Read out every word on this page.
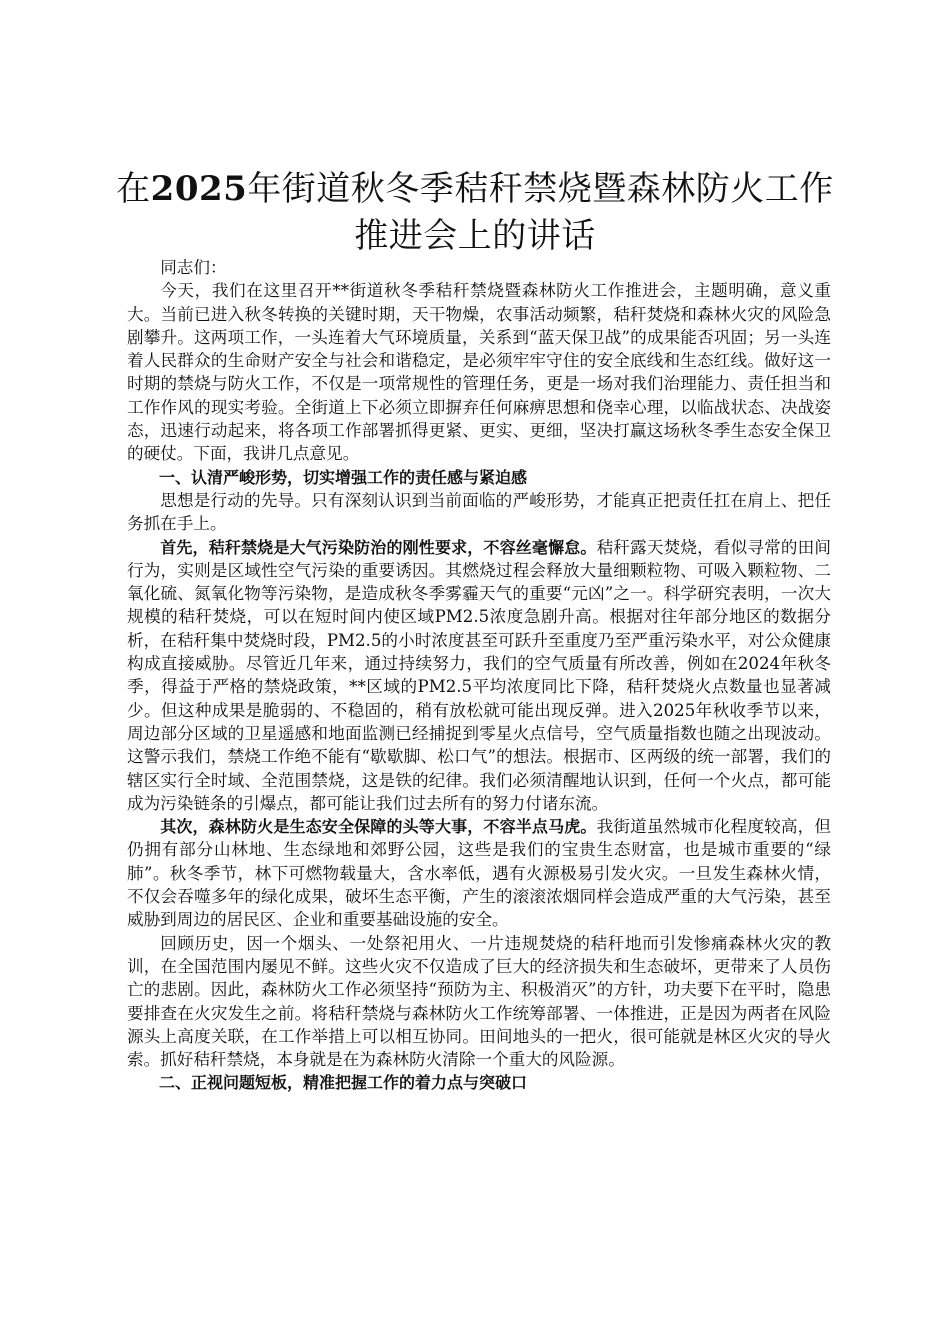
在2025年街道秋冬季秸秆禁烧暨森林防火工作推进会上的讲话

同志们：

今天，我们在这里召开**街道秋冬季秸秆禁烧暨森林防火工作推进会，主题明确，意义重大。当前已进入秋冬转换的关键时期，天干物燥，农事活动频繁，秸秆焚烧和森林火灾的风险急剧攀升。这两项工作，一头连着大气环境质量，关系到“蓝天保卫战”的成果能否巩固；另一头连着人民群众的生命财产安全与社会和谐稳定，是必须牢牢守住的安全底线和生态红线。做好这一时期的禁烧与防火工作，不仅是一项常规性的管理任务，更是一场对我们治理能力、责任担当和工作作风的现实考验。全街道上下必须立即摒弃任何麻痹思想和侥幸心理，以临战状态、决战姿态，迅速行动起来，将各项工作部署抓得更紧、更实、更细，坚决打赢这场秋冬季生态安全保卫的硬仗。下面，我讲几点意见。

一、认清严峻形势，切实增强工作的责任感与紧迫感

思想是行动的先导。只有深刻认识到当前面临的严峻形势，才能真正把责任扛在肩上、把任务抓在手上。

首先，秸秆禁烧是大气污染防治的刚性要求，不容丝毫懈怠。秸秆露天焚烧，看似寻常的田间行为，实则是区域性空气污染的重要诱因。其燃烧过程会释放大量细颗粒物、可吸入颗粒物、二氧化硫、氮氧化物等污染物，是造成秋冬季雾霾天气的重要“元凶”之一。科学研究表明，一次大规模的秸秆焚烧，可以在短时间内使区域PM2.5浓度急剧升高。根据对往年部分地区的数据分析，在秸秆集中焚烧时段，PM2.5的小时浓度甚至可跃升至重度乃至严重污染水平，对公众健康构成直接威胁。尽管近几年来，通过持续努力，我们的空气质量有所改善，例如在2024年秋冬季，得益于严格的禁烧政策，**区域的PM2.5平均浓度同比下降，秸秆焚烧火点数量也显著减少。但这种成果是脆弱的、不稳固的，稍有放松就可能出现反弹。进入2025年秋收季节以来，周边部分区域的卫星遥感和地面监测已经捕捉到零星火点信号，空气质量指数也随之出现波动。这警示我们，禁烧工作绝不能有“歇歇脚、松口气”的想法。根据市、区两级的统一部署，我们的辖区实行全时域、全范围禁烧，这是铁的纪律。我们必须清醒地认识到，任何一个火点，都可能成为污染链条的引爆点，都可能让我们过去所有的努力付诸东流。

其次，森林防火是生态安全保障的头等大事，不容半点马虎。我街道虽然城市化程度较高，但仍拥有部分山林地、生态绿地和郊野公园，这些是我们的宝贵生态财富，也是城市重要的“绿肺”。秋冬季节，林下可燃物载量大，含水率低，遇有火源极易引发火灾。一旦发生森林火情，不仅会吞噬多年的绿化成果，破坏生态平衡，产生的滚滚浓烟同样会造成严重的大气污染，甚至威胁到周边的居民区、企业和重要基础设施的安全。

回顾历史，因一个烟头、一处祭祀用火、一片违规焚烧的秸秆地而引发惨痛森林火灾的教训，在全国范围内屡见不鲜。这些火灾不仅造成了巨大的经济损失和生态破坏，更带来了人员伤亡的悲剧。因此，森林防火工作必须坚持“预防为主、积极消灭”的方针，功夫要下在平时，隐患要排查在火灾发生之前。将秸秆禁烧与森林防火工作统筹部署、一体推进，正是因为两者在风险源头上高度关联，在工作举措上可以相互协同。田间地头的一把火，很可能就是林区火灾的导火索。抓好秸秆禁烧，本身就是在为森林防火清除一个重大的风险源。

二、正视问题短板，精准把握工作的着力点与突破口
